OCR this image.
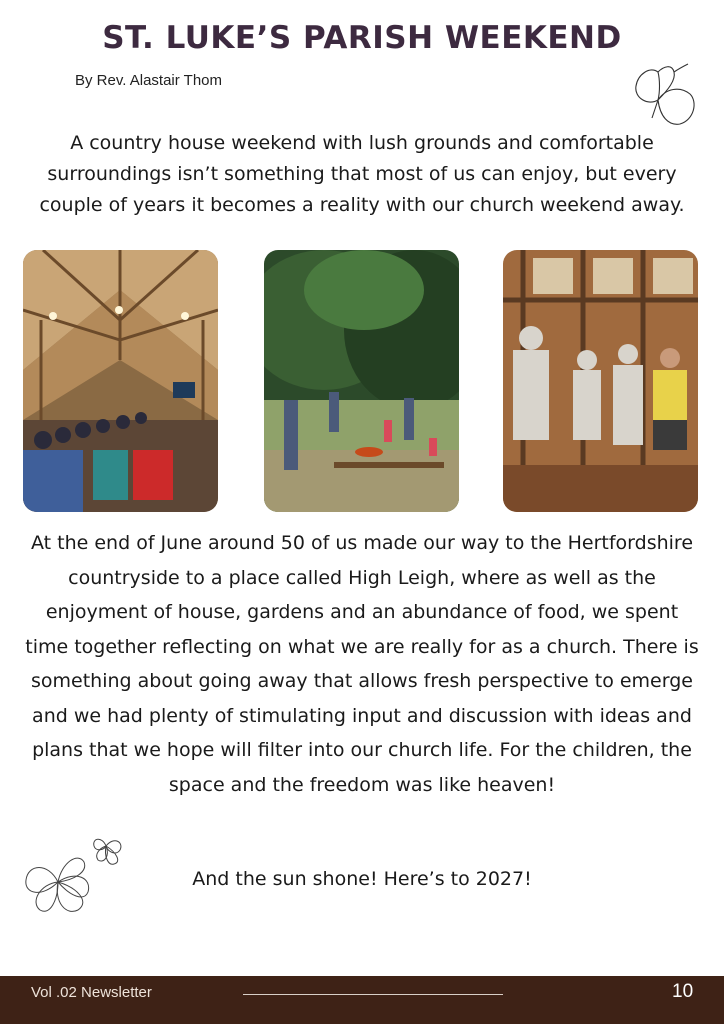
ST. LUKE’S PARISH WEEKEND
By Rev. Alastair Thom

A country house weekend with lush grounds and comfortable surroundings isn’t something that most of us can enjoy, but every couple of years it becomes a reality with our church weekend away.

At the end of June around 50 of us made our way to the Hertfordshire countryside to a place called High Leigh, where as well as the enjoyment of house, gardens and an abundance of food, we spent time together reflecting on what we are really for as a church. There is something about going away that allows fresh perspective to emerge and we had plenty of stimulating input and discussion with ideas and plans that we hope will filter into our church life. For the children, the space and the freedom was like heaven!

And the sun shone! Here’s to 2027!

Vol .02 Newsletter	10
